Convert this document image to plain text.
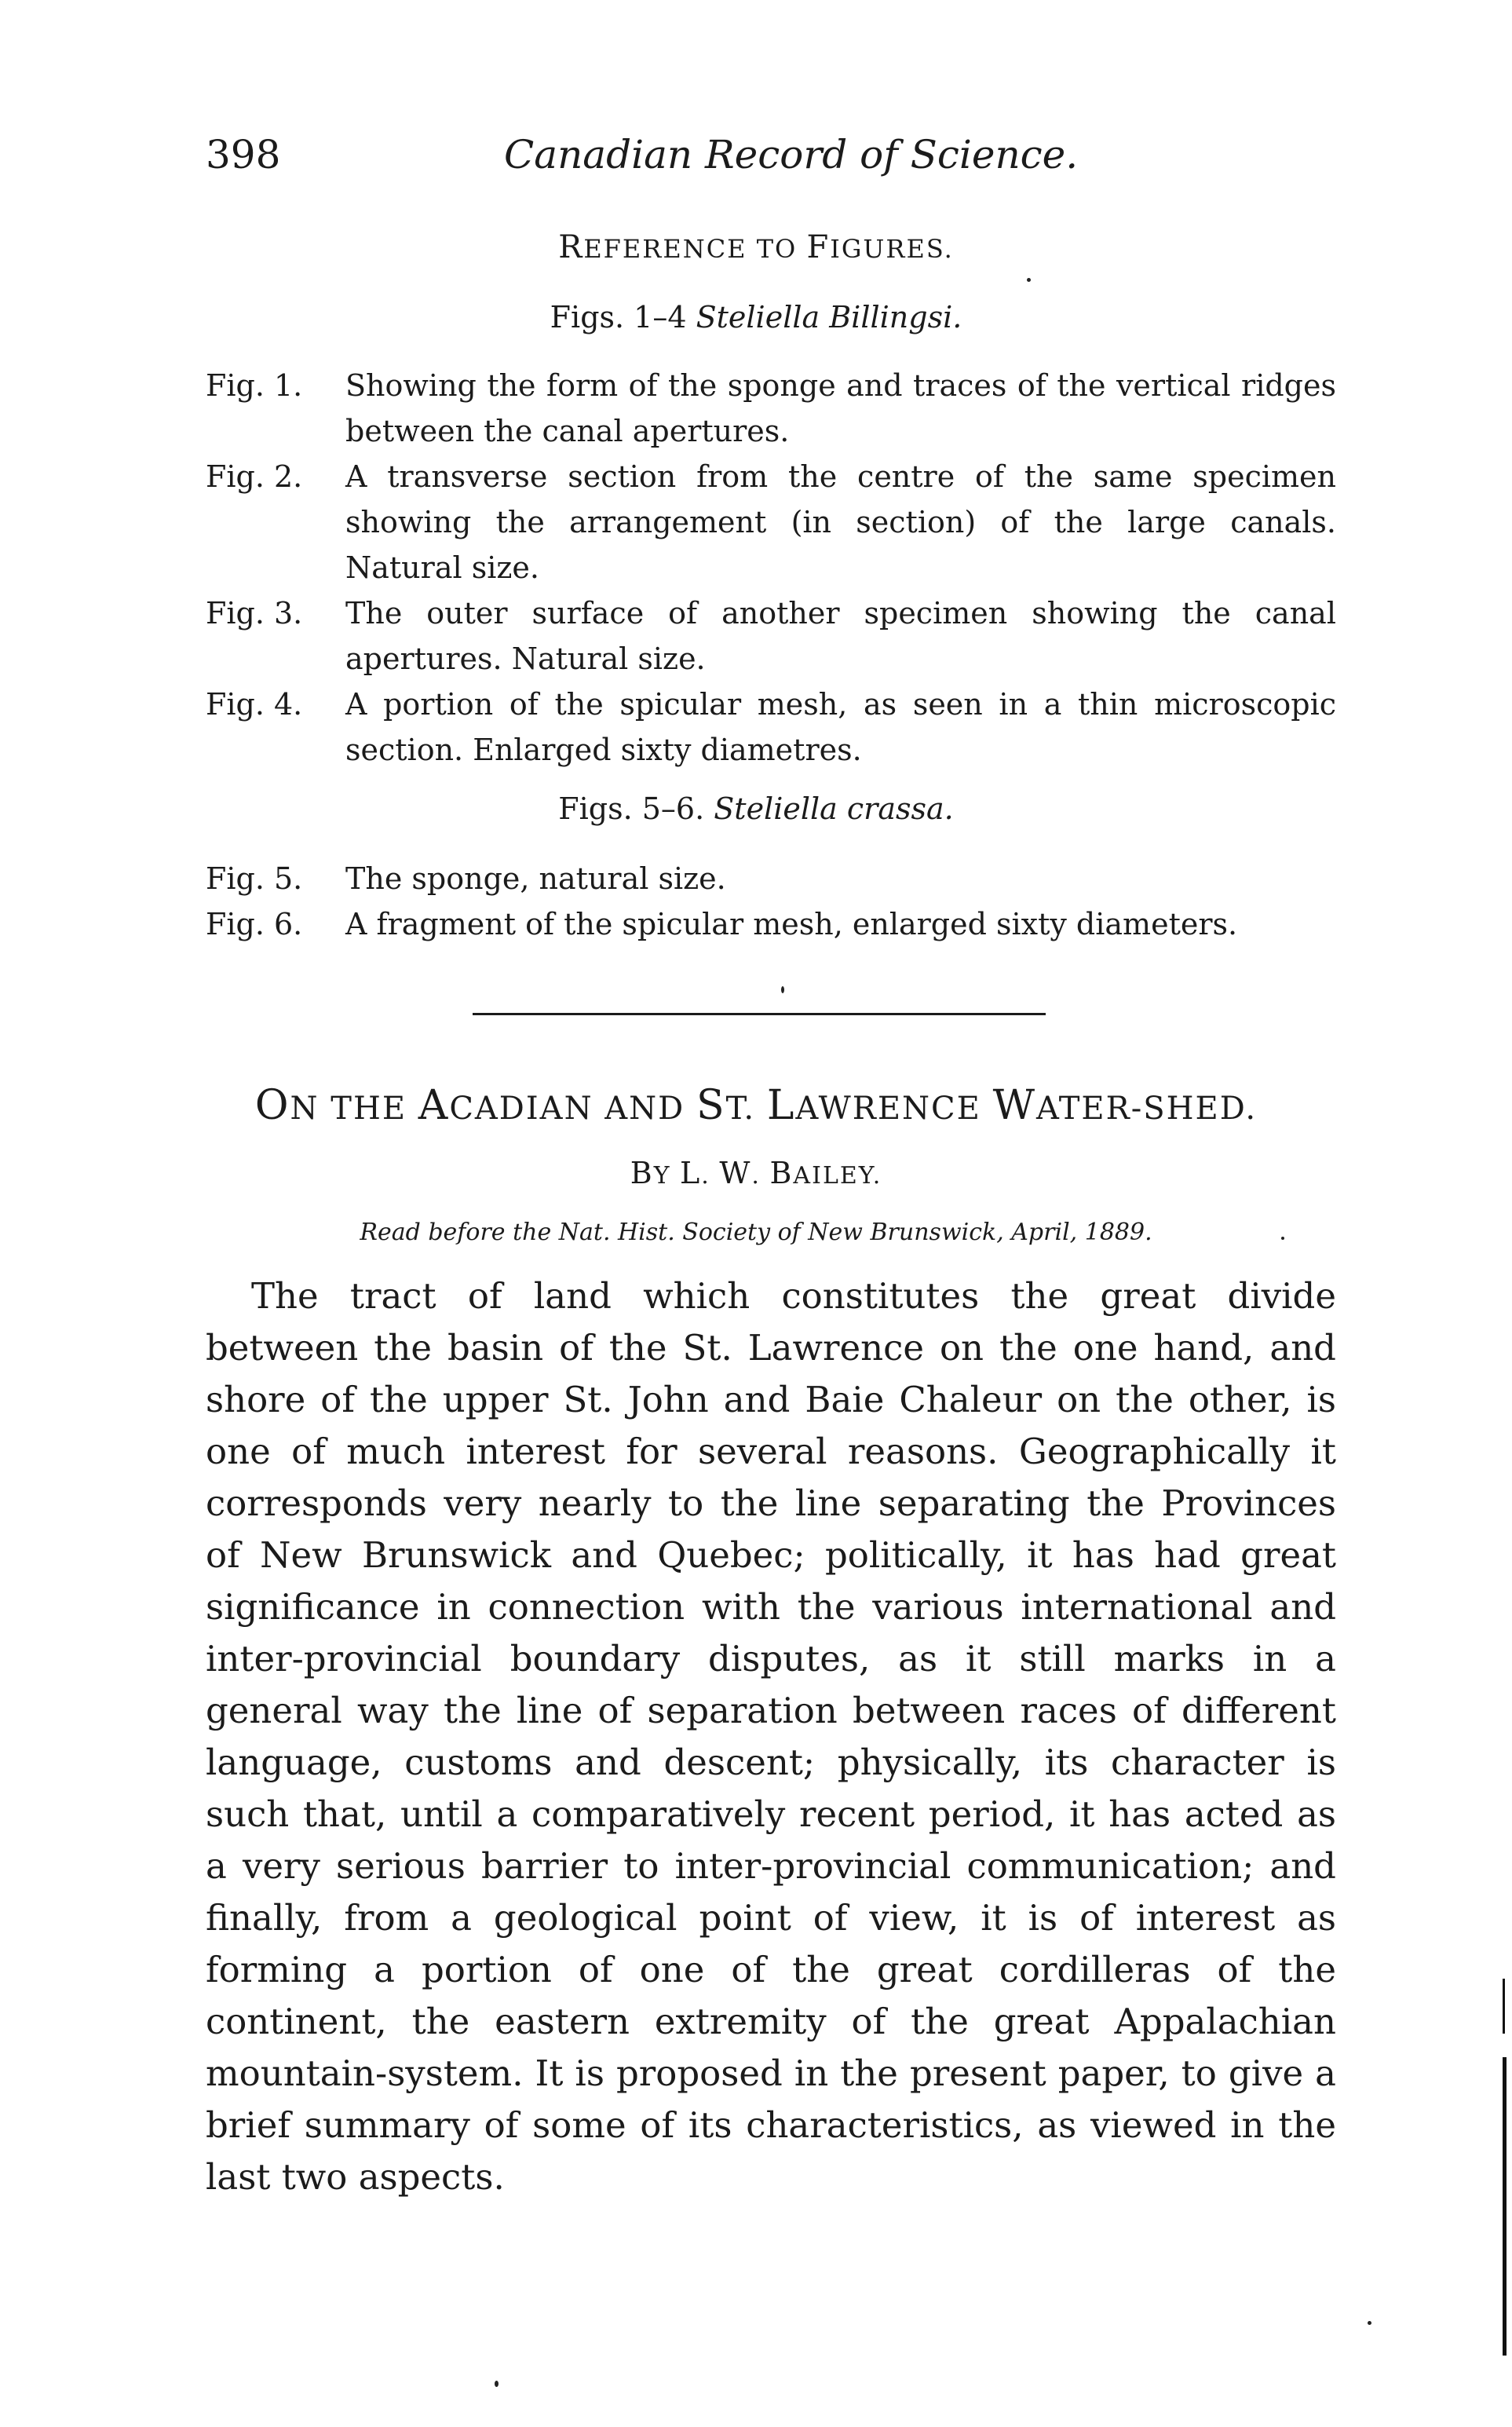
398	Canadian Record of Science.
REFERENCE TO FIGURES.
Figs. 1–4 Steliella Billingsi.
Fig. 1.	Showing the form of the sponge and traces of the vertical ridges between the canal apertures.
Fig. 2.	A transverse section from the centre of the same specimen showing the arrangement (in section) of the large canals. Natural size.
Fig. 3.	The outer surface of another specimen showing the canal apertures. Natural size.
Fig. 4.	A portion of the spicular mesh, as seen in a thin microscopic section. Enlarged sixty diametres.
Figs. 5–6. Steliella crassa.
Fig. 5.	The sponge, natural size.
Fig. 6.	A fragment of the spicular mesh, enlarged sixty diameters.
ON THE ACADIAN AND ST. LAWRENCE WATER-SHED.
BY L. W. BAILEY.
Read before the Nat. Hist. Society of New Brunswick, April, 1889.

The tract of land which constitutes the great divide between the basin of the St. Lawrence on the one hand, and shore of the upper St. John and Baie Chaleur on the other, is one of much interest for several reasons. Geographically it corresponds very nearly to the line separating the Provinces of New Brunswick and Quebec; politically, it has had great significance in connection with the various international and inter-provincial boundary disputes, as it still marks in a general way the line of separation between races of different language, customs and descent; physically, its character is such that, until a comparatively recent period, it has acted as a very serious barrier to inter-provincial communication; and finally, from a geological point of view, it is of interest as forming a portion of one of the great cordilleras of the continent, the eastern extremity of the great Appalachian mountain-system. It is proposed in the present paper, to give a brief summary of some of its characteristics, as viewed in the last two aspects.
